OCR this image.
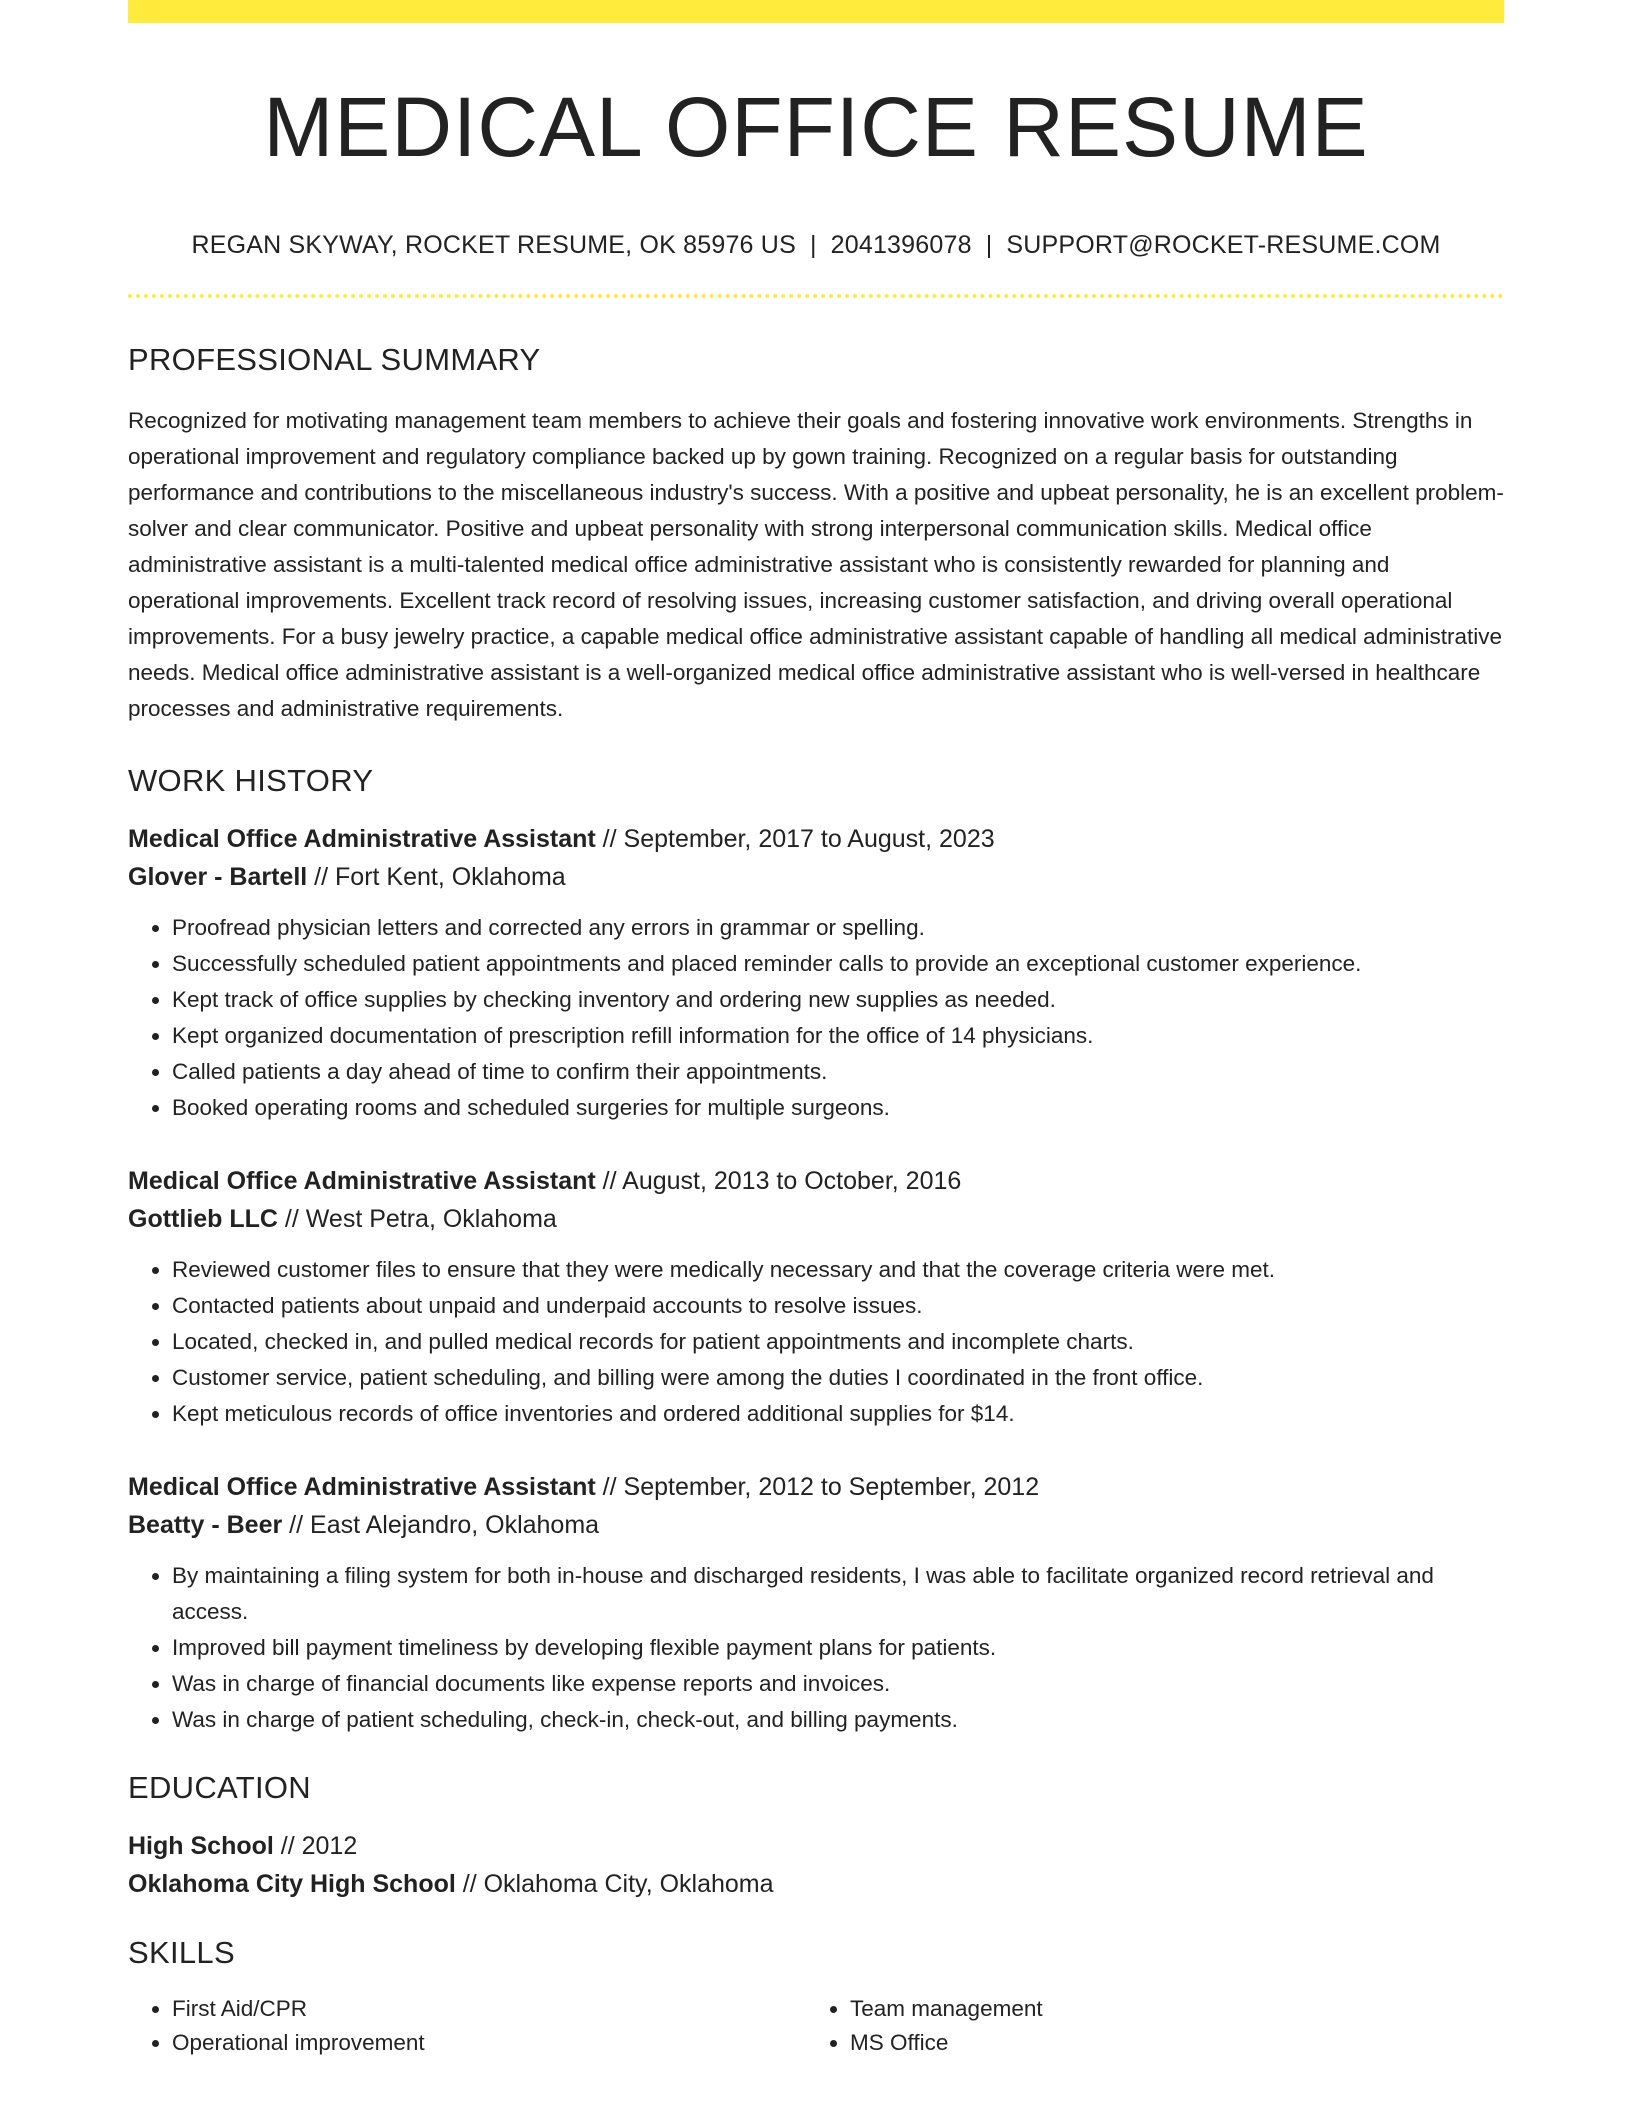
MEDICAL OFFICE RESUME
REGAN SKYWAY, ROCKET RESUME, OK 85976 US | 2041396078 | SUPPORT@ROCKET-RESUME.COM
PROFESSIONAL SUMMARY
Recognized for motivating management team members to achieve their goals and fostering innovative work environments. Strengths in operational improvement and regulatory compliance backed up by gown training. Recognized on a regular basis for outstanding performance and contributions to the miscellaneous industry's success. With a positive and upbeat personality, he is an excellent problem-solver and clear communicator. Positive and upbeat personality with strong interpersonal communication skills. Medical office administrative assistant is a multi-talented medical office administrative assistant who is consistently rewarded for planning and operational improvements. Excellent track record of resolving issues, increasing customer satisfaction, and driving overall operational improvements. For a busy jewelry practice, a capable medical office administrative assistant capable of handling all medical administrative needs. Medical office administrative assistant is a well-organized medical office administrative assistant who is well-versed in healthcare processes and administrative requirements.
WORK HISTORY
Medical Office Administrative Assistant // September, 2017 to August, 2023
Glover - Bartell // Fort Kent, Oklahoma
• Proofread physician letters and corrected any errors in grammar or spelling.
• Successfully scheduled patient appointments and placed reminder calls to provide an exceptional customer experience.
• Kept track of office supplies by checking inventory and ordering new supplies as needed.
• Kept organized documentation of prescription refill information for the office of 14 physicians.
• Called patients a day ahead of time to confirm their appointments.
• Booked operating rooms and scheduled surgeries for multiple surgeons.
Medical Office Administrative Assistant // August, 2013 to October, 2016
Gottlieb LLC // West Petra, Oklahoma
• Reviewed customer files to ensure that they were medically necessary and that the coverage criteria were met.
• Contacted patients about unpaid and underpaid accounts to resolve issues.
• Located, checked in, and pulled medical records for patient appointments and incomplete charts.
• Customer service, patient scheduling, and billing were among the duties I coordinated in the front office.
• Kept meticulous records of office inventories and ordered additional supplies for $14.
Medical Office Administrative Assistant // September, 2012 to September, 2012
Beatty - Beer // East Alejandro, Oklahoma
• By maintaining a filing system for both in-house and discharged residents, I was able to facilitate organized record retrieval and access.
• Improved bill payment timeliness by developing flexible payment plans for patients.
• Was in charge of financial documents like expense reports and invoices.
• Was in charge of patient scheduling, check-in, check-out, and billing payments.
EDUCATION
High School // 2012
Oklahoma City High School // Oklahoma City, Oklahoma
SKILLS
• First Aid/CPR
• Operational improvement
• Team management
• MS Office
